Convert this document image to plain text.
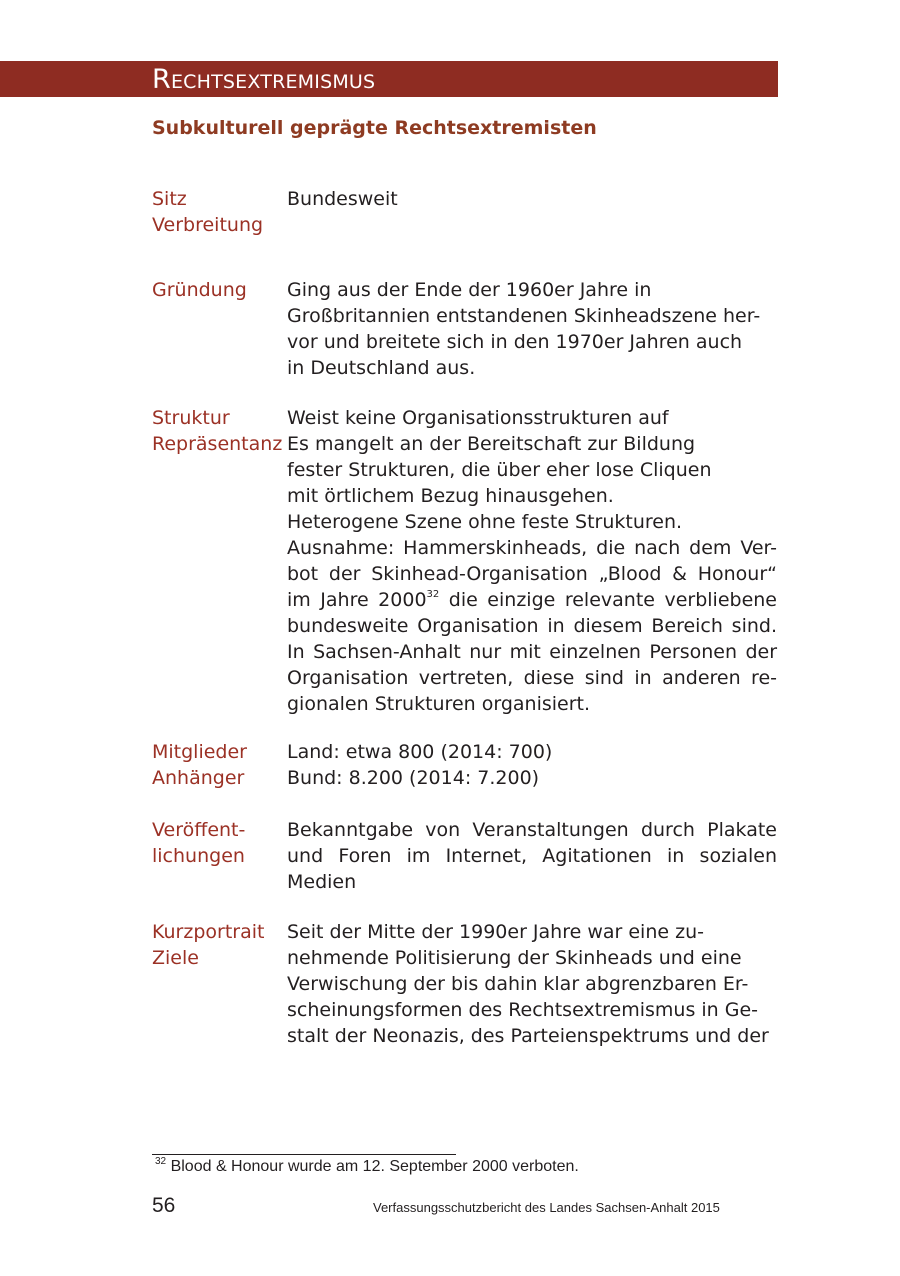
Rechtsextremismus
Subkulturell geprägte Rechtsextremisten
Sitz
Verbreitung
Bundesweit
Gründung	Ging aus der Ende der 1960er Jahre in
Großbritannien entstandenen Skinheadszene her-
vor und breitete sich in den 1970er Jahren auch
in Deutschland aus.
Struktur
Repräsentanz
Weist keine Organisationsstrukturen auf
Es mangelt an der Bereitschaft zur Bildung
fester Strukturen, die über eher lose Cliquen
mit örtlichem Bezug hinausgehen.
Heterogene Szene ohne feste Strukturen.
Ausnahme: Hammerskinheads, die nach dem Ver-
bot der Skinhead-Organisation „Blood & Honour“
im Jahre 2000$^{32}$ die einzige relevante verbliebene
bundesweite Organisation in diesem Bereich sind.
In Sachsen-Anhalt nur mit einzelnen Personen der
Organisation vertreten, diese sind in anderen re-
gionalen Strukturen organisiert.
Mitglieder
Anhänger
Land: etwa 800 (2014: 700)
Bund: 8.200 (2014: 7.200)
Veröffent-
lichungen
Bekanntgabe von Veranstaltungen durch Plakate
und Foren im Internet, Agitationen in sozialen
Medien
Kurzportrait
Ziele
Seit der Mitte der 1990er Jahre war eine zu-
nehmende Politisierung der Skinheads und eine
Verwischung der bis dahin klar abgrenzbaren Er-
scheinungsformen des Rechtsextremismus in Ge-
stalt der Neonazis, des Parteienspektrums und der
$^{32}$ Blood & Honour wurde am 12. September 2000 verboten.
56	Verfassungsschutzbericht des Landes Sachsen-Anhalt 2015
